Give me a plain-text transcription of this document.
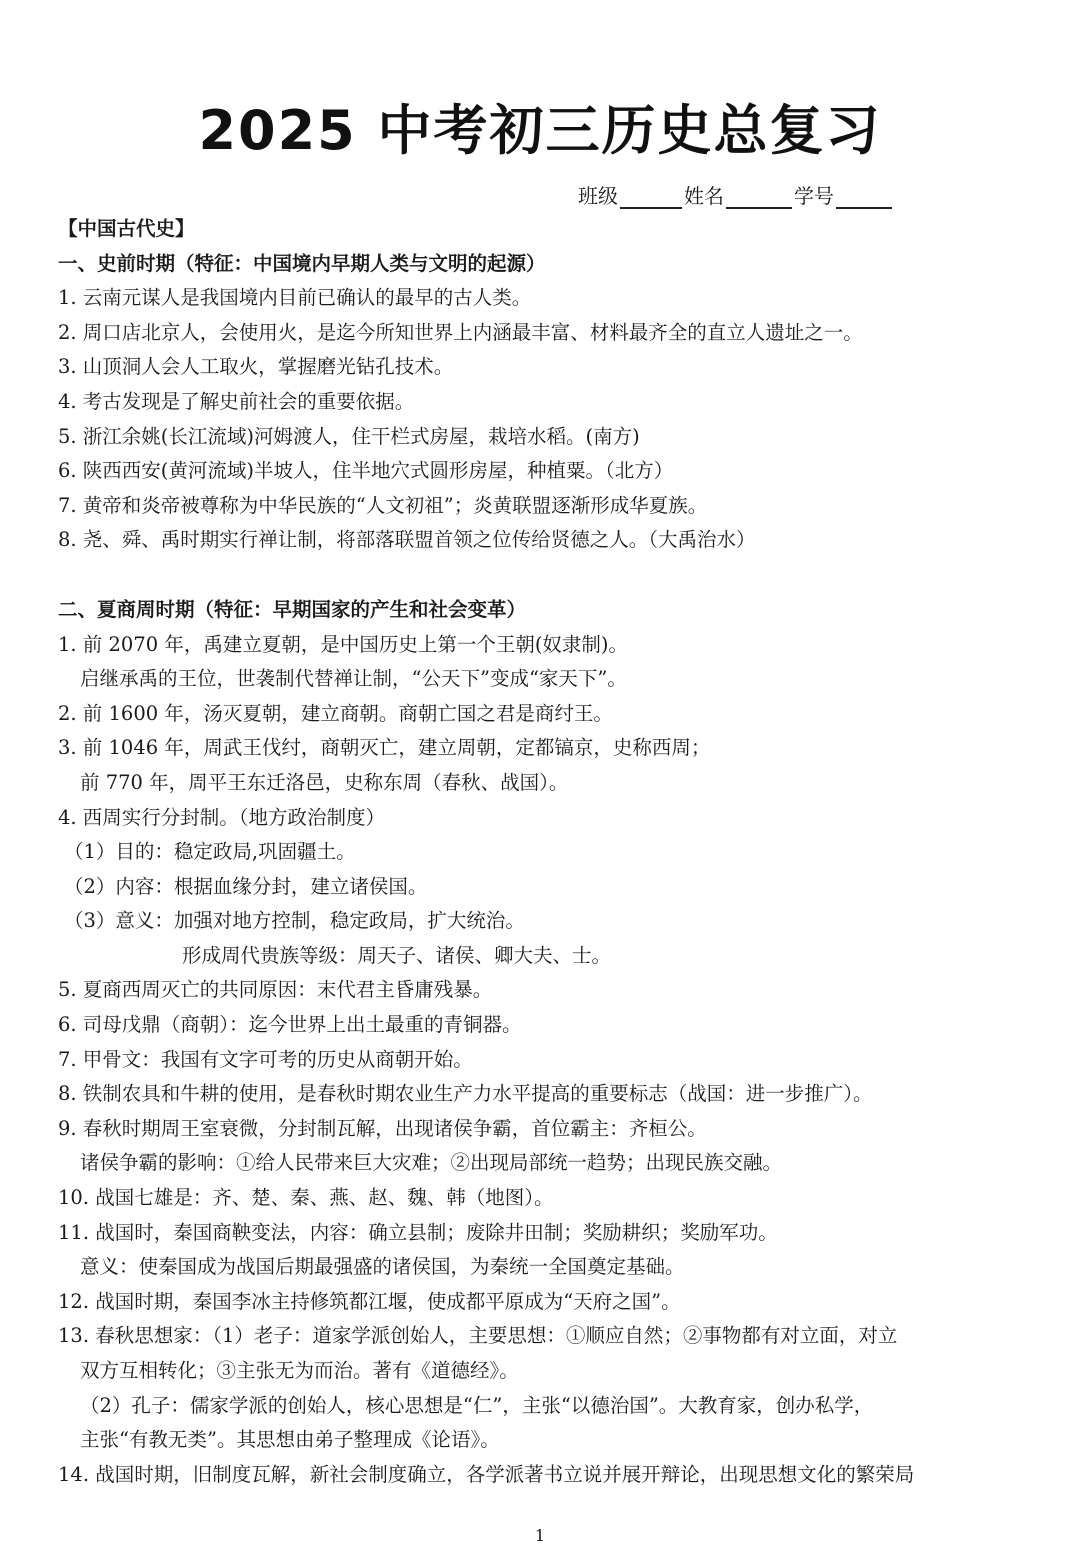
2025 中考初三历史总复习
班级	姓名	学号
【中国古代史】
一、史前时期（特征：中国境内早期人类与文明的起源）
1. 云南元谋人是我国境内目前已确认的最早的古人类。
2. 周口店北京人，会使用火，是迄今所知世界上内涵最丰富、材料最齐全的直立人遗址之一。
3. 山顶洞人会人工取火，掌握磨光钻孔技术。
4. 考古发现是了解史前社会的重要依据。
5. 浙江余姚(长江流域)河姆渡人，住干栏式房屋，栽培水稻。(南方)
6. 陕西西安(黄河流域)半坡人，住半地穴式圆形房屋，种植粟。（北方）
7. 黄帝和炎帝被尊称为中华民族的“人文初祖”；炎黄联盟逐渐形成华夏族。
8. 尧、舜、禹时期实行禅让制，将部落联盟首领之位传给贤德之人。（大禹治水）
二、夏商周时期（特征：早期国家的产生和社会变革）
1. 前 2070 年，禹建立夏朝，是中国历史上第一个王朝(奴隶制)。
启继承禹的王位，世袭制代替禅让制，“公天下”变成“家天下”。
2. 前 1600 年，汤灭夏朝，建立商朝。商朝亡国之君是商纣王。
3. 前 1046 年，周武王伐纣，商朝灭亡，建立周朝，定都镐京，史称西周；
前 770 年，周平王东迁洛邑，史称东周（春秋、战国）。
4. 西周实行分封制。（地方政治制度）
（1）目的：稳定政局,巩固疆土。
（2）内容：根据血缘分封，建立诸侯国。
（3）意义：加强对地方控制，稳定政局，扩大统治。
形成周代贵族等级：周天子、诸侯、卿大夫、士。
5. 夏商西周灭亡的共同原因：末代君主昏庸残暴。
6. 司母戊鼎（商朝）：迄今世界上出土最重的青铜器。
7. 甲骨文：我国有文字可考的历史从商朝开始。
8. 铁制农具和牛耕的使用，是春秋时期农业生产力水平提高的重要标志（战国：进一步推广）。
9. 春秋时期周王室衰微，分封制瓦解，出现诸侯争霸，首位霸主：齐桓公。
诸侯争霸的影响：①给人民带来巨大灾难；②出现局部统一趋势；出现民族交融。
10. 战国七雄是：齐、楚、秦、燕、赵、魏、韩（地图）。
11. 战国时，秦国商鞅变法，内容：确立县制；废除井田制；奖励耕织；奖励军功。
意义：使秦国成为战国后期最强盛的诸侯国，为秦统一全国奠定基础。
12. 战国时期，秦国李冰主持修筑都江堰，使成都平原成为“天府之国”。
13. 春秋思想家：（1）老子：道家学派创始人，主要思想：①顺应自然；②事物都有对立面，对立
双方互相转化；③主张无为而治。著有《道德经》。
（2）孔子：儒家学派的创始人，核心思想是“仁”，主张“以德治国”。大教育家，创办私学，
主张“有教无类”。其思想由弟子整理成《论语》。
14. 战国时期，旧制度瓦解，新社会制度确立，各学派著书立说并展开辩论，出现思想文化的繁荣局
1
